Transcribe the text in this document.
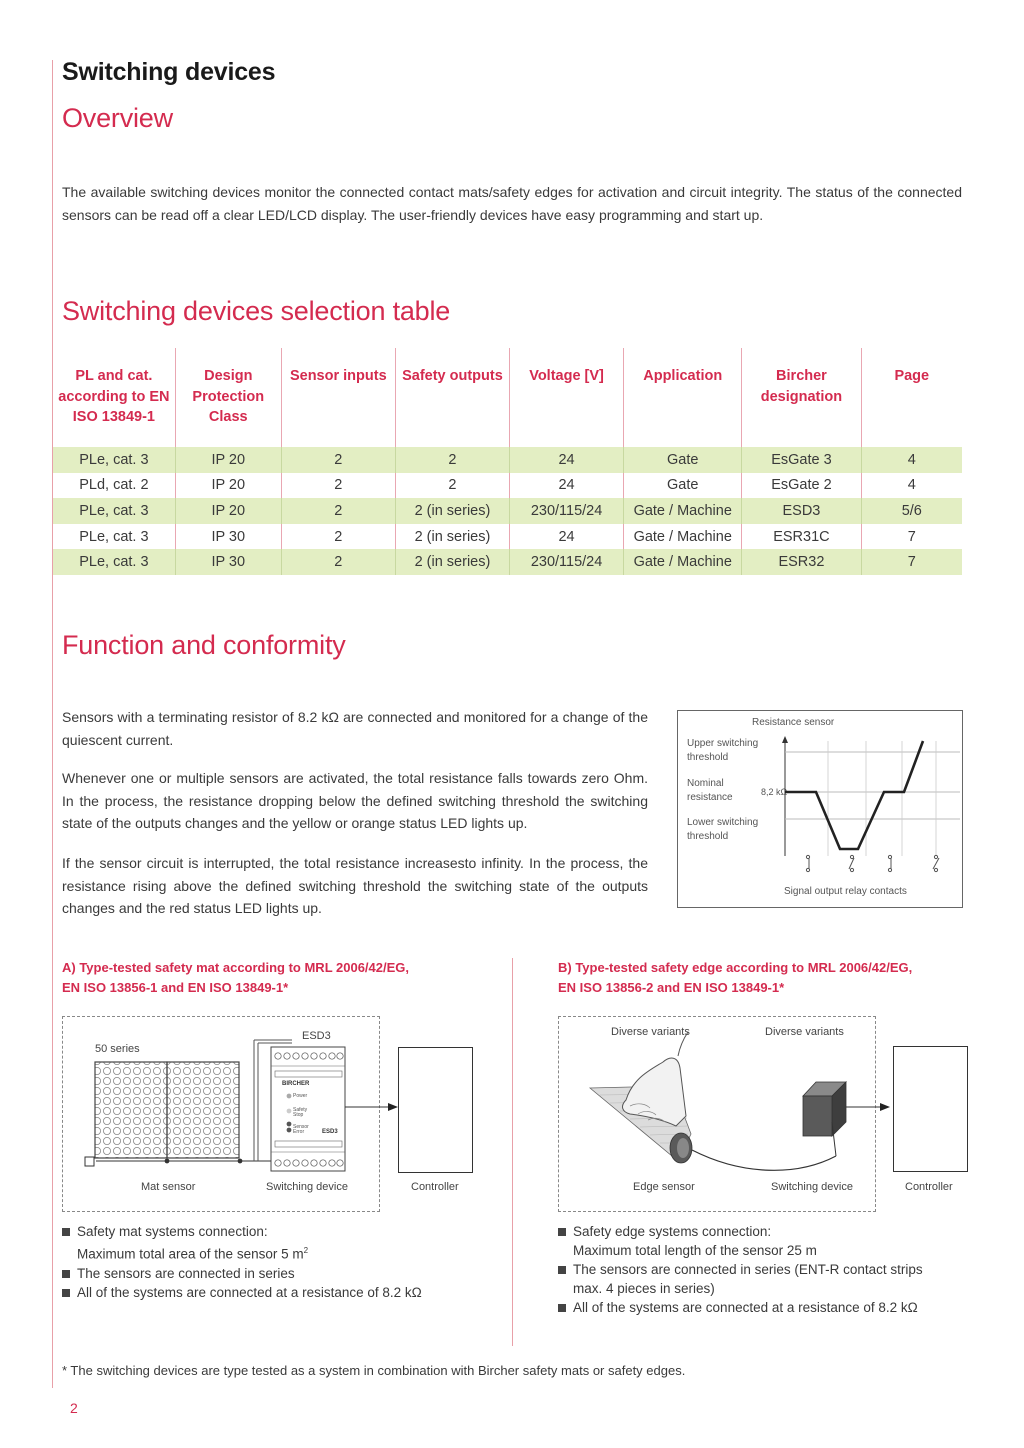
Switching devices
Overview

The available switching devices monitor the connected contact mats/safety edges for activation and circuit integrity. The status of the connected sensors can be read off a clear LED/LCD display. The user-friendly devices have easy programming and start up.

Switching devices selection table
PL and cat. according to EN ISO 13849-1	Design Protection Class	Sensor inputs	Safety outputs	Voltage [V]	Application	Bircher designation	Page
PLe, cat. 3	IP 20	2	2	24	Gate	EsGate 3	4
PLd, cat. 2	IP 20	2	2	24	Gate	EsGate 2	4
PLe, cat. 3	IP 20	2	2 (in series)	230/115/24	Gate / Machine	ESD3	5/6
PLe, cat. 3	IP 30	2	2 (in series)	24	Gate / Machine	ESR31C	7
PLe, cat. 3	IP 30	2	2 (in series)	230/115/24	Gate / Machine	ESR32	7
Function and conformity

Sensors with a terminating resistor of 8.2 kΩ are connected and monitored for a change of the quiescent current.

Whenever one or multiple sensors are activated, the total resistance falls towards zero Ohm. In the process, the resistance dropping below the defined switching threshold the switching state of the outputs changes and the yellow or orange status LED lights up.

If the sensor circuit is interrupted, the total resistance increasesto infinity. In the process, the resistance rising above the defined switching threshold the switching state of the outputs changes and the red status LED lights up.

Resistance sensor
Upper switching threshold
Nominal resistance	8,2 kΩ
Lower switching threshold
Signal output relay contacts
A) Type-tested safety mat according to MRL 2006/42/EG,
EN ISO 13856-1 and EN ISO 13849-1*
50 series
ESD3
BIRCHER
Power
Safety Stop
Sensor Error	ESD3
Mat sensor	Switching device	Controller
Safety mat systems connection:
Maximum total area of the sensor 5 $m^2$
The sensors are connected in series
All of the systems are connected at a resistance of 8.2 kΩ
B) Type-tested safety edge according to MRL 2006/42/EG,
EN ISO 13856-2 and EN ISO 13849-1*
Diverse variants	Diverse variants
Edge sensor	Switching device	Controller
Safety edge systems connection:
Maximum total length of the sensor 25 m
The sensors are connected in series (ENT-R contact strips
max. 4 pieces in series)
All of the systems are connected at a resistance of 8.2 kΩ
* The switching devices are type tested as a system in combination with Bircher safety mats or safety edges.
2
